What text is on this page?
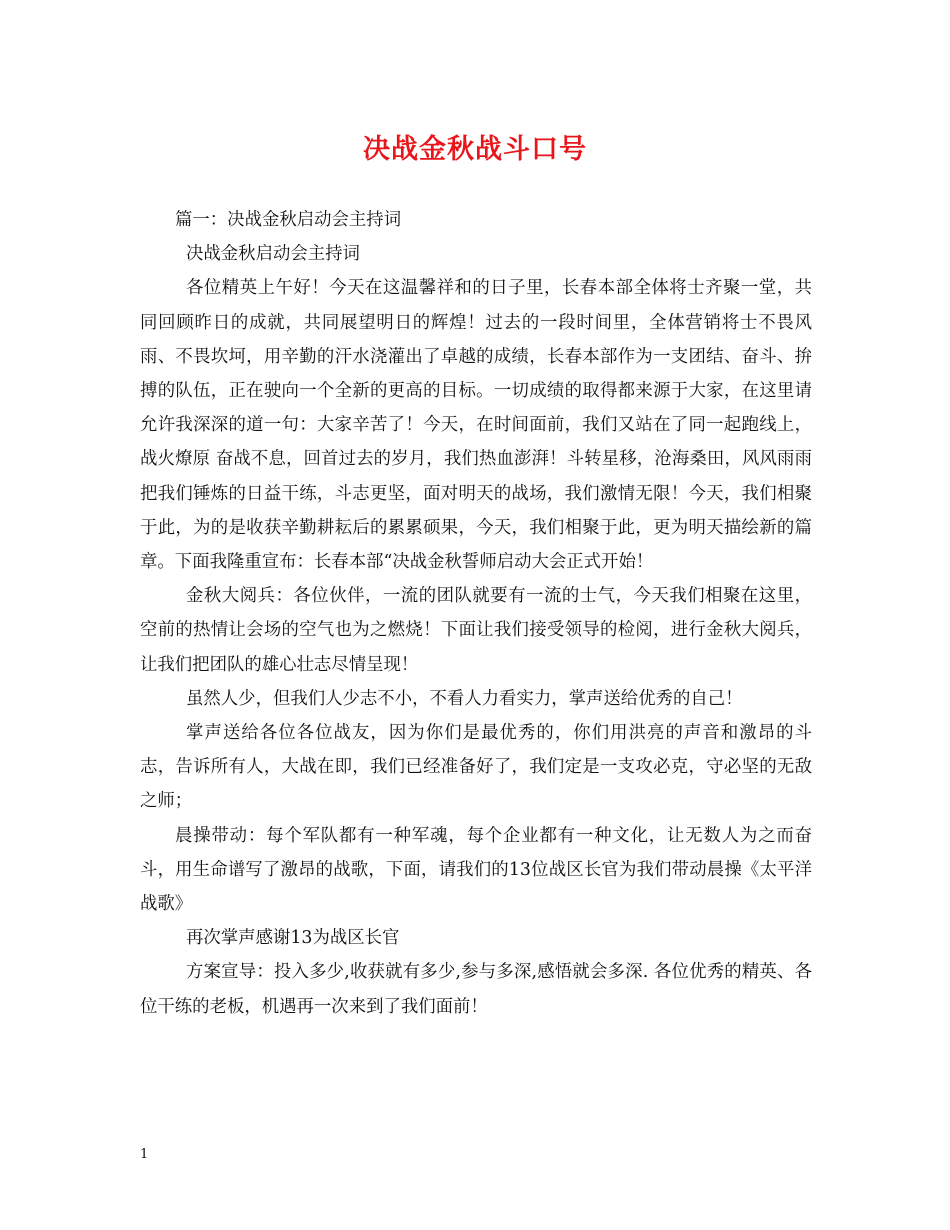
决战金秋战斗口号

篇一：决战金秋启动会主持词

决战金秋启动会主持词

各位精英上午好！今天在这温馨祥和的日子里，长春本部全体将士齐聚一堂，共同回顾昨日的成就，共同展望明日的辉煌！过去的一段时间里，全体营销将士不畏风雨、不畏坎坷，用辛勤的汗水浇灌出了卓越的成绩，长春本部作为一支团结、奋斗、拚搏的队伍，正在驶向一个全新的更高的目标。一切成绩的取得都来源于大家，在这里请允许我深深的道一句：大家辛苦了！今天，在时间面前，我们又站在了同一起跑线上，战火燎原 奋战不息，回首过去的岁月，我们热血澎湃！斗转星移，沧海桑田，风风雨雨把我们锤炼的日益干练，斗志更坚，面对明天的战场，我们激情无限！今天，我们相聚于此，为的是收获辛勤耕耘后的累累硕果，今天，我们相聚于此，更为明天描绘新的篇章。下面我隆重宣布：长春本部“决战金秋誓师启动大会正式开始！

金秋大阅兵：各位伙伴，一流的团队就要有一流的士气，今天我们相聚在这里，空前的热情让会场的空气也为之燃烧！下面让我们接受领导的检阅，进行金秋大阅兵，让我们把团队的雄心壮志尽情呈现！

虽然人少，但我们人少志不小，不看人力看实力，掌声送给优秀的自己！

掌声送给各位各位战友，因为你们是最优秀的，你们用洪亮的声音和激昂的斗志，告诉所有人，大战在即，我们已经准备好了，我们定是一支攻必克，守必坚的无敌之师；

晨操带动：每个军队都有一种军魂，每个企业都有一种文化，让无数人为之而奋斗，用生命谱写了激昂的战歌，下面，请我们的13位战区长官为我们带动晨操《太平洋战歌》

再次掌声感谢13为战区长官

方案宣导：投入多少,收获就有多少,参与多深,感悟就会多深. 各位优秀的精英、各位干练的老板，机遇再一次来到了我们面前！

1
